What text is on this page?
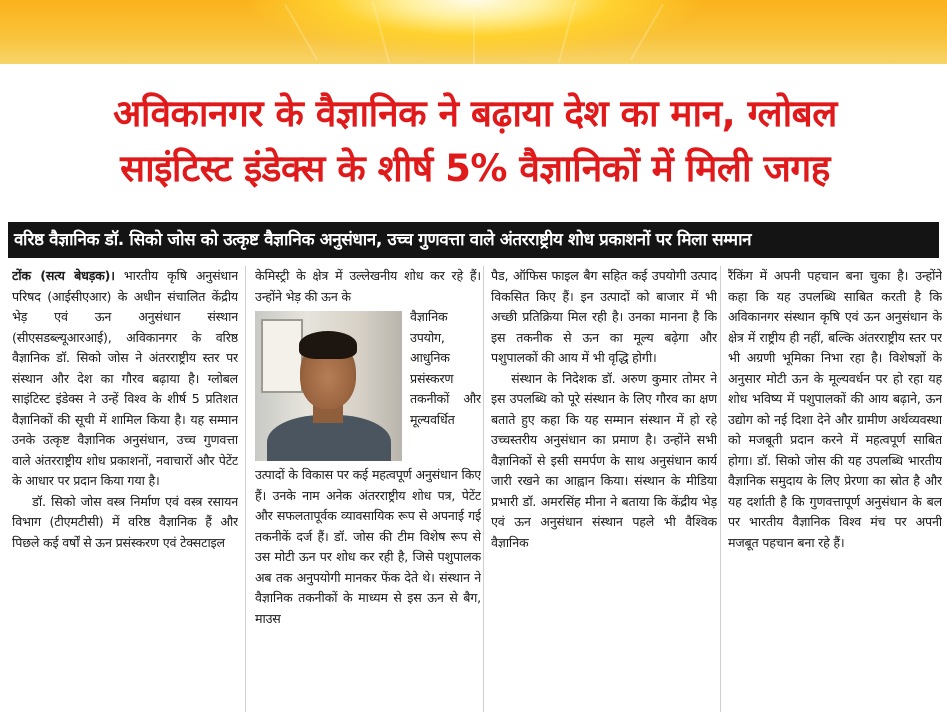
अविकानगर के वैज्ञानिक ने बढ़ाया देश का मान, ग्लोबल
साइंटिस्ट इंडेक्स के शीर्ष 5% वैज्ञानिकों में मिली जगह
वरिष्ठ वैज्ञानिक डॉ. सिको जोस को उत्कृष्ट वैज्ञानिक अनुसंधान, उच्च गुणवत्ता वाले अंतरराष्ट्रीय शोध प्रकाशनों पर मिला सम्मान

टोंक (सत्य बेधड़क)। भारतीय कृषि अनुसंधान परिषद (आईसीएआर) के अधीन संचालित केंद्रीय भेड़ एवं ऊन अनुसंधान संस्थान (सीएसडब्ल्यूआरआई), अविकानगर के वरिष्ठ वैज्ञानिक डॉ. सिको जोस ने अंतरराष्ट्रीय स्तर पर संस्थान और देश का गौरव बढ़ाया है। ग्लोबल साइंटिस्ट इंडेक्स ने उन्हें विश्व के शीर्ष 5 प्रतिशत वैज्ञानिकों की सूची में शामिल किया है। यह सम्मान उनके उत्कृष्ट वैज्ञानिक अनुसंधान, उच्च गुणवत्ता वाले अंतरराष्ट्रीय शोध प्रकाशनों, नवाचारों और पेटेंट के आधार पर प्रदान किया गया है।

डॉ. सिको जोस वस्त्र निर्माण एवं वस्त्र रसायन विभाग (टीएमटीसी) में वरिष्ठ वैज्ञानिक हैं और पिछले कई वर्षों से ऊन प्रसंस्करण एवं टेक्सटाइल

केमिस्ट्री के क्षेत्र में उल्लेखनीय शोध कर रहे हैं। उन्होंने भेड़ की ऊन के

वैज्ञानिक उपयोग, आधुनिक प्रसंस्करण तकनीकों और मूल्यवर्धित

उत्पादों के विकास पर कई महत्वपूर्ण अनुसंधान किए हैं। उनके नाम अनेक अंतरराष्ट्रीय शोध पत्र, पेटेंट और सफलतापूर्वक व्यावसायिक रूप से अपनाई गई तकनीकें दर्ज हैं। डॉ. जोस की टीम विशेष रूप से उस मोटी ऊन पर शोध कर रही है, जिसे पशुपालक अब तक अनुपयोगी मानकर फेंक देते थे। संस्थान ने वैज्ञानिक तकनीकों के माध्यम से इस ऊन से बैग, माउस

पैड, ऑफिस फाइल बैग सहित कई उपयोगी उत्पाद विकसित किए हैं। इन उत्पादों को बाजार में भी अच्छी प्रतिक्रिया मिल रही है। उनका मानना है कि इस तकनीक से ऊन का मूल्य बढ़ेगा और पशुपालकों की आय में भी वृद्धि होगी।

संस्थान के निदेशक डॉ. अरुण कुमार तोमर ने इस उपलब्धि को पूरे संस्थान के लिए गौरव का क्षण बताते हुए कहा कि यह सम्मान संस्थान में हो रहे उच्चस्तरीय अनुसंधान का प्रमाण है। उन्होंने सभी वैज्ञानिकों से इसी समर्पण के साथ अनुसंधान कार्य जारी रखने का आह्वान किया। संस्थान के मीडिया प्रभारी डॉ. अमरसिंह मीना ने बताया कि केंद्रीय भेड़ एवं ऊन अनुसंधान संस्थान पहले भी वैश्विक वैज्ञानिक

रैंकिंग में अपनी पहचान बना चुका है। उन्होंने कहा कि यह उपलब्धि साबित करती है कि अविकानगर संस्थान कृषि एवं ऊन अनुसंधान के क्षेत्र में राष्ट्रीय ही नहीं, बल्कि अंतरराष्ट्रीय स्तर पर भी अग्रणी भूमिका निभा रहा है। विशेषज्ञों के अनुसार मोटी ऊन के मूल्यवर्धन पर हो रहा यह शोध भविष्य में पशुपालकों की आय बढ़ाने, ऊन उद्योग को नई दिशा देने और ग्रामीण अर्थव्यवस्था को मजबूती प्रदान करने में महत्वपूर्ण साबित होगा। डॉ. सिको जोस की यह उपलब्धि भारतीय वैज्ञानिक समुदाय के लिए प्रेरणा का स्रोत है और यह दर्शाती है कि गुणवत्तापूर्ण अनुसंधान के बल पर भारतीय वैज्ञानिक विश्व मंच पर अपनी मजबूत पहचान बना रहे हैं।
